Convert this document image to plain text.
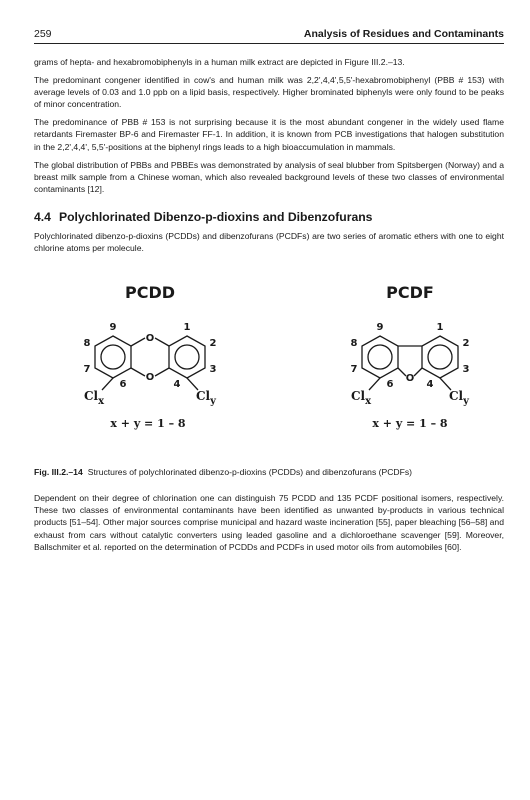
259	Analysis of Residues and Contaminants

grams of hepta- and hexabromobiphenyls in a human milk extract are depicted in Figure III.2.–13.

The predominant congener identified in cow's and human milk was 2,2',4,4',5,5'-hexabromobiphenyl (PBB # 153) with average levels of 0.03 and 1.0 ppb on a lipid basis, respectively. Higher brominated biphenyls were only found to be peaks of minor concentration.

The predominance of PBB # 153 is not surprising because it is the most abundant congener in the widely used flame retardants Firemaster BP-6 and Firemaster FF-1. In addition, it is known from PCB investigations that halogen substitution in the 2,2',4,4', 5,5'-positions at the biphenyl rings leads to a high bioaccumulation in mammals.

The global distribution of PBBs and PBBEs was demonstrated by analysis of seal blubber from Spitsbergen (Norway) and a breast milk sample from a Chinese woman, which also revealed background levels of these two classes of environmental contaminants [12].

4.4 Polychlorinated Dibenzo-p-dioxins and Dibenzofurans

Polychlorinated dibenzo-p-dioxins (PCDDs) and dibenzofurans (PCDFs) are two series of aromatic ethers with one to eight chlorine atoms per molecule.

PCDD
O
O
9	1
8	2
7	3
6	4
$Cl_x$	$Cl_y$
x + y = 1 – 8
PCDF
O
9	1
8	2
7	3
6	4
$Cl_x$	$Cl_y$
x + y = 1 – 8
Fig. III.2.–14 Structures of polychlorinated dibenzo-p-dioxins (PCDDs) and dibenzofurans (PCDFs)

Dependent on their degree of chlorination one can distinguish 75 PCDD and 135 PCDF positional isomers, respectively. These two classes of environmental contaminants have been identified as unwanted by-products in various technical products [51–54]. Other major sources comprise municipal and hazard waste incineration [55], paper bleaching [56–58] and exhaust from cars without catalytic converters using leaded gasoline and a dichloroethane scavenger [59]. Moreover, Ballschmiter et al. reported on the determination of PCDDs and PCDFs in used motor oils from automobiles [60].
